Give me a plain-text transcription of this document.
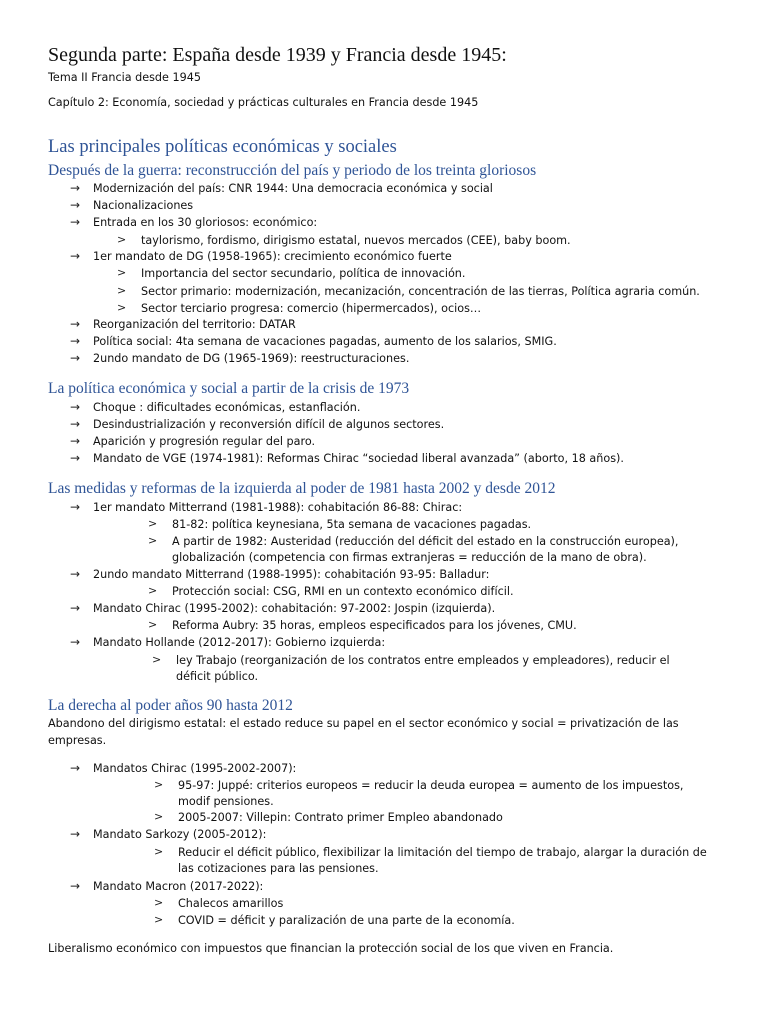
Segunda parte: España desde 1939 y Francia desde 1945:
Tema II Francia desde 1945
Capítulo 2: Economía, sociedad y prácticas culturales en Francia desde 1945
Las principales políticas económicas y sociales
Después de la guerra: reconstrucción del país y periodo de los treinta gloriosos
→ Modernización del país: CNR 1944: Una democracia económica y social
→ Nacionalizaciones
→ Entrada en los 30 gloriosos: económico:
> taylorismo, fordismo, dirigismo estatal, nuevos mercados (CEE), baby boom.
→ 1er mandato de DG (1958-1965): crecimiento económico fuerte
> Importancia del sector secundario, política de innovación.
> Sector primario: modernización, mecanización, concentración de las tierras, Política agraria común.
> Sector terciario progresa: comercio (hipermercados), ocios…
→ Reorganización del territorio: DATAR
→ Política social: 4ta semana de vacaciones pagadas, aumento de los salarios, SMIG.
→ 2undo mandato de DG (1965-1969): reestructuraciones.
La política económica y social a partir de la crisis de 1973
→ Choque : dificultades económicas, estanflación.
→ Desindustrialización y reconversión difícil de algunos sectores.
→ Aparición y progresión regular del paro.
→ Mandato de VGE (1974-1981): Reformas Chirac “sociedad liberal avanzada” (aborto, 18 años).
Las medidas y reformas de la izquierda al poder de 1981 hasta 2002 y desde 2012
→ 1er mandato Mitterrand (1981-1988): cohabitación 86-88: Chirac:
> 81-82: política keynesiana, 5ta semana de vacaciones pagadas.
> A partir de 1982: Austeridad (reducción del déficit del estado en la construcción europea),
globalización (competencia con firmas extranjeras = reducción de la mano de obra).
→ 2undo mandato Mitterrand (1988-1995): cohabitación 93-95: Balladur:
> Protección social: CSG, RMI en un contexto económico difícil.
→ Mandato Chirac (1995-2002): cohabitación: 97-2002: Jospin (izquierda).
> Reforma Aubry: 35 horas, empleos especificados para los jóvenes, CMU.
→ Mandato Hollande (2012-2017): Gobierno izquierda:
> ley Trabajo (reorganización de los contratos entre empleados y empleadores), reducir el
déficit público.
La derecha al poder años 90 hasta 2012
Abandono del dirigismo estatal: el estado reduce su papel en el sector económico y social = privatización de las
empresas.
→ Mandatos Chirac (1995-2002-2007):
> 95-97: Juppé: criterios europeos = reducir la deuda europea = aumento de los impuestos,
modif pensiones.
> 2005-2007: Villepin: Contrato primer Empleo abandonado
→ Mandato Sarkozy (2005-2012):
> Reducir el déficit público, flexibilizar la limitación del tiempo de trabajo, alargar la duración de
las cotizaciones para las pensiones.
→ Mandato Macron (2017-2022):
> Chalecos amarillos
> COVID = déficit y paralización de una parte de la economía.
Liberalismo económico con impuestos que financian la protección social de los que viven en Francia.
